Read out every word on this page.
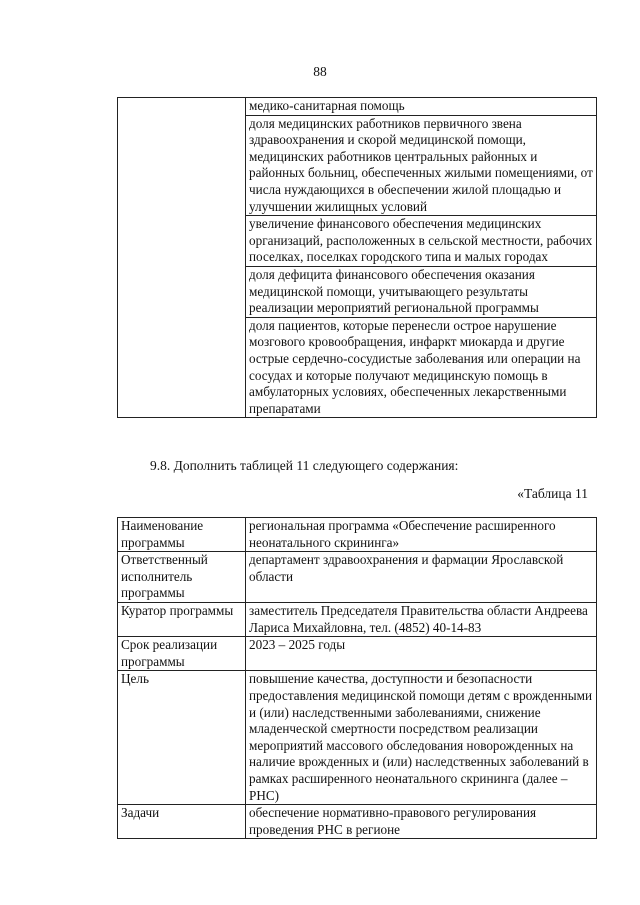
88
	медико-санитарная помощь
доля медицинских работников первичного звена здравоохранения и скорой медицинской помощи, медицинских работников центральных районных и районных больниц, обеспеченных жилыми помещениями, от числа нуждающихся в обеспечении жилой площадью и улучшении жилищных условий
увеличение финансового обеспечения медицинских организаций, расположенных в сельской местности, рабочих поселках, поселках городского типа и малых городах
доля дефицита финансового обеспечения оказания медицинской помощи, учитывающего результаты реализации мероприятий региональной программы
доля пациентов, которые перенесли острое нарушение мозгового кровообращения, инфаркт миокарда и другие острые сердечно-сосудистые заболевания или операции на сосудах и которые получают медицинскую помощь в амбулаторных условиях, обеспеченных лекарственными препаратами
9.8. Дополнить таблицей 11 следующего содержания:
«Таблица 11
Наименование программы	региональная программа «Обеспечение расширенного неонатального скрининга»
Ответственный исполнитель программы	департамент здравоохранения и фармации Ярославской области
Куратор программы	заместитель Председателя Правительства области Андреева Лариса Михайловна, тел. (4852) 40-14-83
Срок реализации программы	2023 – 2025 годы
Цель	повышение качества, доступности и безопасности предоставления медицинской помощи детям с врожденными и (или) наследственными заболеваниями, снижение младенческой смертности посредством реализации мероприятий массового обследования новорожденных на наличие врожденных и (или) наследственных заболеваний в рамках расширенного неонатального скрининга (далее – РНС)
Задачи	обеспечение нормативно-правового регулирования проведения РНС в регионе
